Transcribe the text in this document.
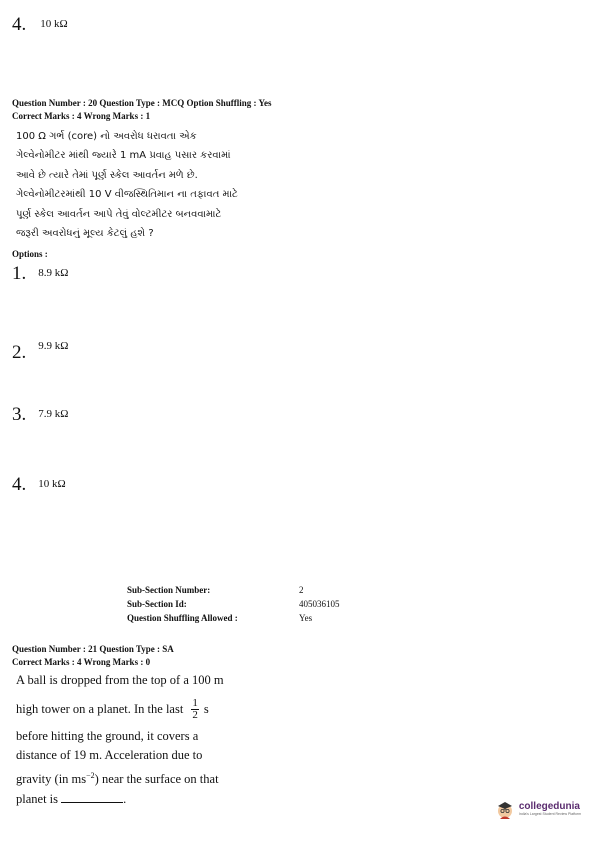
4. 10 kΩ
Question Number : 20 Question Type : MCQ Option Shuffling : Yes
Correct Marks : 4 Wrong Marks : 1
100 Ω ગર્ભ (core) નો અવરોધ ધરાવતા એક
ગેલ્વેનોમીટર માંથી જ્યારે 1 mA પ્રવાહ પસાર કરવામાં
આવે છે ત્યારે તેમાં પૂર્ણ સ્કેલ આવર્તન મળે છે.
ગેલ્વેનોમીટરમાંથી 10 V વીજસ્થિતિમાન ના તફાવત માટે
પૂર્ણ સ્કેલ આવર્તન આપે તેવું વોલ્ટમીટર બનવવામાટે
જરૂરી અવરોધનું મૂલ્ય કેટલું હશે ?
Options :
1. 8.9 kΩ
2. 9.9 kΩ
3. 7.9 kΩ
4. 10 kΩ
Sub-Section Number:	2
Sub-Section Id:	405036105
Question Shuffling Allowed :	Yes
Question Number : 21 Question Type : SA
Correct Marks : 4 Wrong Marks : 0
A ball is dropped from the top of a 100 m
high tower on a planet. In the last $\frac{1}{2}$ s
before hitting the ground, it covers a
distance of 19 m. Acceleration due to
gravity (in $ms^{-2}$) near the surface on that
planet is	.
collegedunia
India's Largest Student Review Platform
